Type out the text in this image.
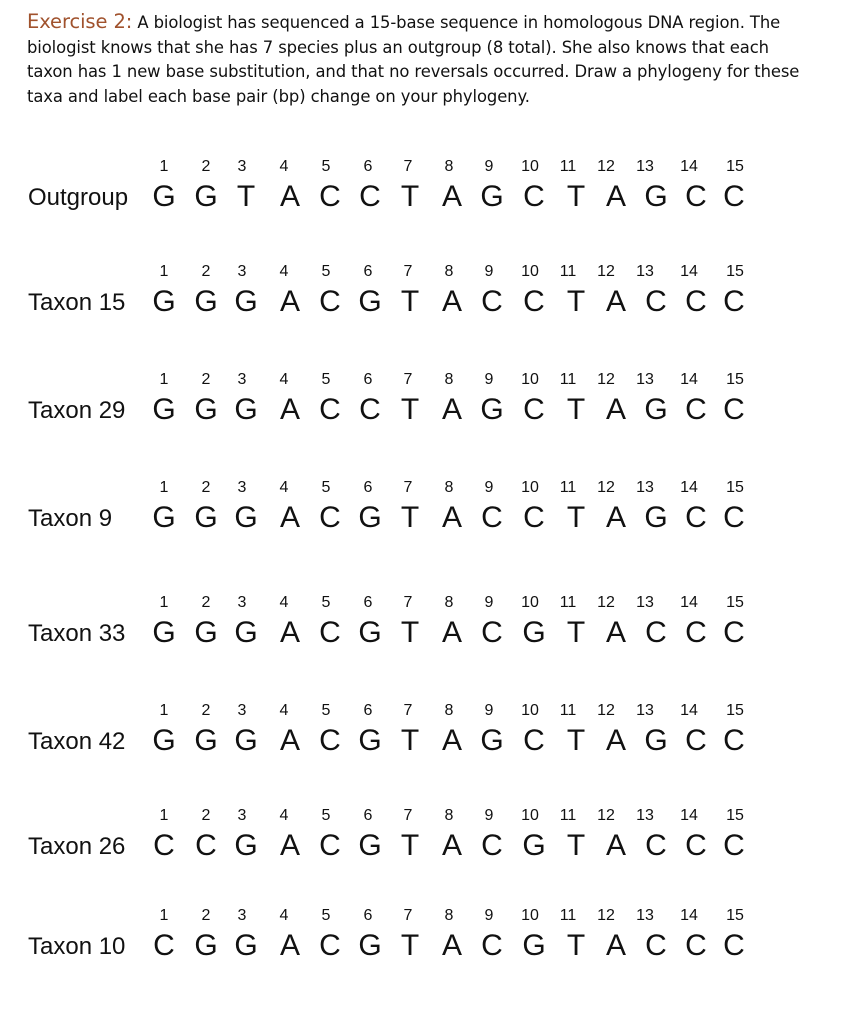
Exercise 2: A biologist has sequenced a 15-base sequence in homologous DNA region. The biologist knows that she has 7 species plus an outgroup (8 total). She also knows that each taxon has 1 new base substitution, and that no reversals occurred. Draw a phylogeny for these taxa and label each base pair (bp) change on your phylogeny.
1	2	3	4	5	6	7	8	9	10	11	12	13	14	15
Outgroup G G T A C C T A G C T A G C C
1	2	3	4	5	6	7	8	9	10	11	12	13	14	15
Taxon 15 G G G A C G T A C C T A C C C
1	2	3	4	5	6	7	8	9	10	11	12	13	14	15
Taxon 29 G G G A C C T A G C T A G C C
1	2	3	4	5	6	7	8	9	10	11	12	13	14	15
Taxon 9 G G G A C G T A C C T A G C C
1	2	3	4	5	6	7	8	9	10	11	12	13	14	15
Taxon 33 G G G A C G T A C G T A C C C
1	2	3	4	5	6	7	8	9	10	11	12	13	14	15
Taxon 42 G G G A C G T A G C T A G C C
1	2	3	4	5	6	7	8	9	10	11	12	13	14	15
Taxon 26 C C G A C G T A C G T A C C C
1	2	3	4	5	6	7	8	9	10	11	12	13	14	15
Taxon 10 C G G A C G T A C G T A C C C
